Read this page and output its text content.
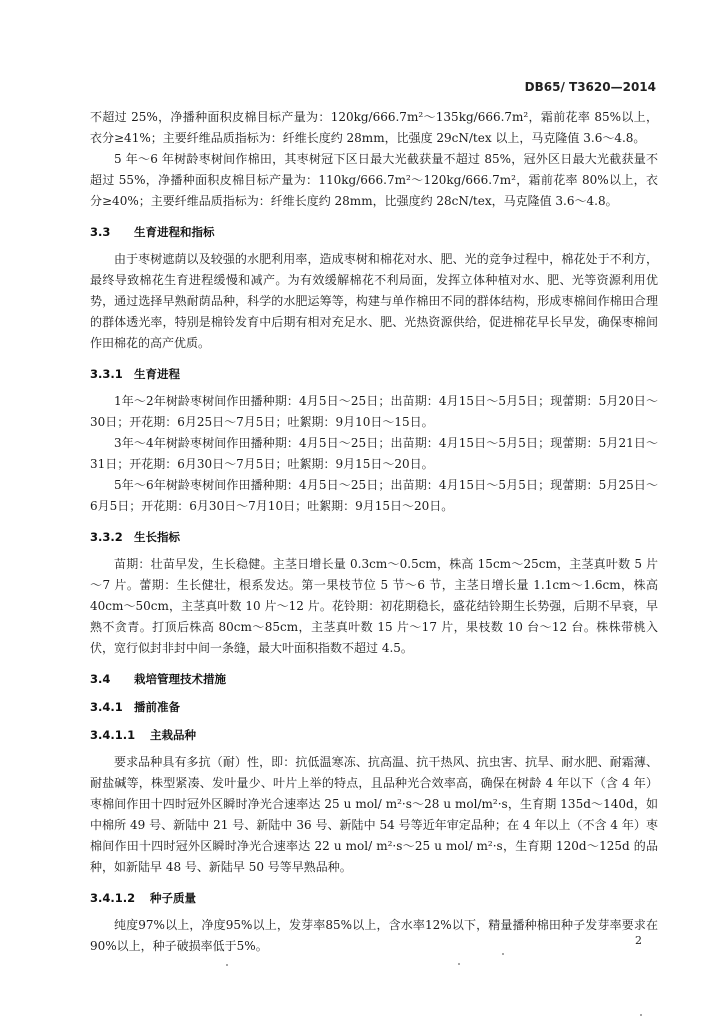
DB65/ T3620—2014

不超过 25%，净播种面积皮棉目标产量为：120kg/666.7m²～135kg/666.7m²，霜前花率 85%以上，衣分≥41%；主要纤维品质指标为：纤维长度约 28mm，比强度 29cN/tex 以上，马克隆值 3.6～4.8。

5 年～6 年树龄枣树间作棉田，其枣树冠下区日最大光截获量不超过 85%，冠外区日最大光截获量不超过 55%，净播种面积皮棉目标产量为：110kg/666.7m²～120kg/666.7m²，霜前花率 80%以上，衣分≥40%；主要纤维品质指标为：纤维长度约 28mm，比强度约 28cN/tex，马克隆值 3.6～4.8。

3.3 生育进程和指标

由于枣树遮荫以及较强的水肥利用率，造成枣树和棉花对水、肥、光的竞争过程中，棉花处于不利方，最终导致棉花生育进程缓慢和减产。为有效缓解棉花不利局面，发挥立体种植对水、肥、光等资源利用优势，通过选择早熟耐荫品种，科学的水肥运筹等，构建与单作棉田不同的群体结构，形成枣棉间作棉田合理的群体透光率，特别是棉铃发育中后期有相对充足水、肥、光热资源供给，促进棉花早长早发，确保枣棉间作田棉花的高产优质。

3.3.1 生育进程

1年～2年树龄枣树间作田播种期：4月5日～25日；出苗期：4月15日～5月5日；现蕾期：5月20日～30日；开花期：6月25日～7月5日；吐絮期：9月10日～15日。

3年～4年树龄枣树间作田播种期：4月5日～25日；出苗期：4月15日～5月5日；现蕾期：5月21日～31日；开花期：6月30日～7月5日；吐絮期：9月15日～20日。

5年～6年树龄枣树间作田播种期：4月5日～25日；出苗期：4月15日～5月5日；现蕾期：5月25日～6月5日；开花期：6月30日～7月10日；吐絮期：9月15日～20日。

3.3.2 生长指标

苗期：壮苗早发，生长稳健。主茎日增长量 0.3cm～0.5cm，株高 15cm～25cm，主茎真叶数 5 片～7 片。蕾期：生长健壮，根系发达。第一果枝节位 5 节～6 节，主茎日增长量 1.1cm～1.6cm，株高 40cm～50cm，主茎真叶数 10 片～12 片。花铃期：初花期稳长，盛花结铃期生长势强，后期不早衰，早熟不贪青。打顶后株高 80cm～85cm，主茎真叶数 15 片～17 片，果枝数 10 台～12 台。株株带桃入伏，宽行似封非封中间一条缝，最大叶面积指数不超过 4.5。

3.4 栽培管理技术措施
3.4.1 播前准备
3.4.1.1 主栽品种

要求品种具有多抗（耐）性，即：抗低温寒冻、抗高温、抗干热风、抗虫害、抗旱、耐水肥、耐霜薄、耐盐碱等，株型紧凑、发叶量少、叶片上举的特点，且品种光合效率高，确保在树龄 4 年以下（含 4 年）枣棉间作田十四时冠外区瞬时净光合速率达 25 u mol/ m²·s～28 u mol/m²·s，生育期 135d～140d，如中棉所 49 号、新陆中 21 号、新陆中 36 号、新陆中 54 号等近年审定品种；在 4 年以上（不含 4 年）枣棉间作田十四时冠外区瞬时净光合速率达 22 u mol/ m²·s～25 u mol/ m²·s，生育期 120d～125d 的品种，如新陆早 48 号、新陆早 50 号等早熟品种。

3.4.1.2 种子质量

纯度97%以上，净度95%以上，发芽率85%以上，含水率12%以下，精量播种棉田种子发芽率要求在90%以上，种子破损率低于5%。	2
